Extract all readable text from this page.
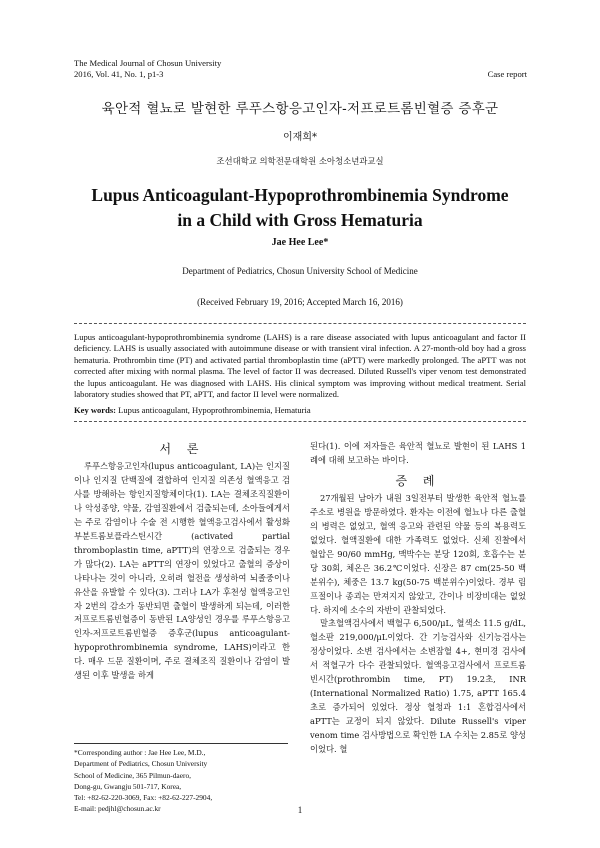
The Medical Journal of Chosun University
2016, Vol. 41, No. 1, p1-3	Case report
육안적 혈뇨로 발현한 루푸스항응고인자-저프로트롬빈혈증 증후군
이재희*
조선대학교 의학전문대학원 소아청소년과교실
Lupus Anticoagulant-Hypoprothrombinemia Syndrome
in a Child with Gross Hematuria
Jae Hee Lee*
Department of Pediatrics, Chosun University School of Medicine
(Received February 19, 2016; Accepted March 16, 2016)
Lupus anticoagulant-hypoprothrombinemia syndrome (LAHS) is a rare disease associated with lupus anticoagulant and factor II deficiency. LAHS is usually associated with autoimmune disease or with transient viral infection. A 27-month-old boy had a gross hematuria. Prothrombin time (PT) and activated partial thromboplastin time (aPTT) were markedly prolonged. The aPTT was not corrected after mixing with normal plasma. The level of factor II was decreased. Diluted Russell's viper venom test demonstrated the lupus anticoagulant. He was diagnosed with LAHS. His clinical symptom was improving without medical treatment. Serial laboratory studies showed that PT, aPTT, and factor II level were normalized.
Key words: Lupus anticoagulant, Hypoprothrombinemia, Hematuria
서 론

루푸스항응고인자(lupus anticoagulant, LA)는 인지질이나 인지질 단백질에 결합하여 인지질 의존성 혈액응고 검사를 방해하는 항인지질항체이다(1). LA는 결체조직질환이나 악성종양, 약물, 감염질환에서 검출되는데, 소아들에게서는 주로 감염이나 수술 전 시행한 혈액응고검사에서 활성화부분트롬보플라스틴시간 (activated partial thromboplastin time, aPTT)의 연장으로 검출되는 경우가 많다(2). LA는 aPTT의 연장이 있었다고 출혈의 증상이 나타나는 것이 아니라, 오히려 혈전을 생성하여 뇌졸중이나 유산을 유발할 수 있다(3). 그러나 LA가 후천성 혈액응고인자 2번의 감소가 동반되면 출혈이 발생하게 되는데, 이러한 저프로트롬빈혈증이 동반된 LA양성인 경우를 루푸스항응고인자-저프로트롬빈혈증 증후군(lupus anticoagulant-hypoprothrombinemia syndrome, LAHS)이라고 한다. 매우 드문 질환이며, 주로 결체조직 질환이나 감염이 발생된 이후 발생을 하게

된다(1). 이에 저자들은 육안적 혈뇨로 발현이 된 LAHS 1례에 대해 보고하는 바이다.

증 례

27개월된 남아가 내원 3일전부터 발생한 육안적 혈뇨를 주소로 병원을 방문하였다. 환자는 이전에 혈뇨나 다른 출혈의 병력은 없었고, 혈액 응고와 관련된 약물 등의 복용력도 없었다. 혈액질환에 대한 가족력도 없었다. 신체 진찰에서 혈압은 90/60 mmHg, 맥박수는 분당 120회, 호흡수는 분당 30회, 체온은 36.2℃이었다. 신장은 87 cm(25-50 백분위수), 체중은 13.7 kg(50-75 백분위수)이었다. 경부 림프절이나 종괴는 만져지지 않았고, 간이나 비장비대는 없었다. 하지에 소수의 자반이 관찰되었다.

말초혈액검사에서 백혈구 6,500/μL, 혈색소 11.5 g/dL, 혈소판 219,000/μL이었다. 간 기능검사와 신기능검사는 정상이었다. 소변 검사에서는 소변잠혈 4+, 현미경 검사에서 적혈구가 다수 관찰되었다. 혈액응고검사에서 프로트롬빈시간(prothrombin time, PT) 19.2초, INR (International Normalized Ratio) 1.75, aPTT 165.4초로 증가되어 있었다. 정상 혈청과 1:1 혼합검사에서 aPTT는 교정이 되지 않았다. Dilute Russell's viper venom time 검사방법으로 확인한 LA 수치는 2.85로 양성이었다. 혈

*Corresponding author : Jae Hee Lee, M.D.,
Department of Pediatrics, Chosun University
School of Medicine, 365 Pilmun-daero,
Dong-gu, Gwangju 501-717, Korea,
Tel: +82-62-220-3069, Fax: +82-62-227-2904,
E-mail: pedjhl@chosun.ac.kr	1
